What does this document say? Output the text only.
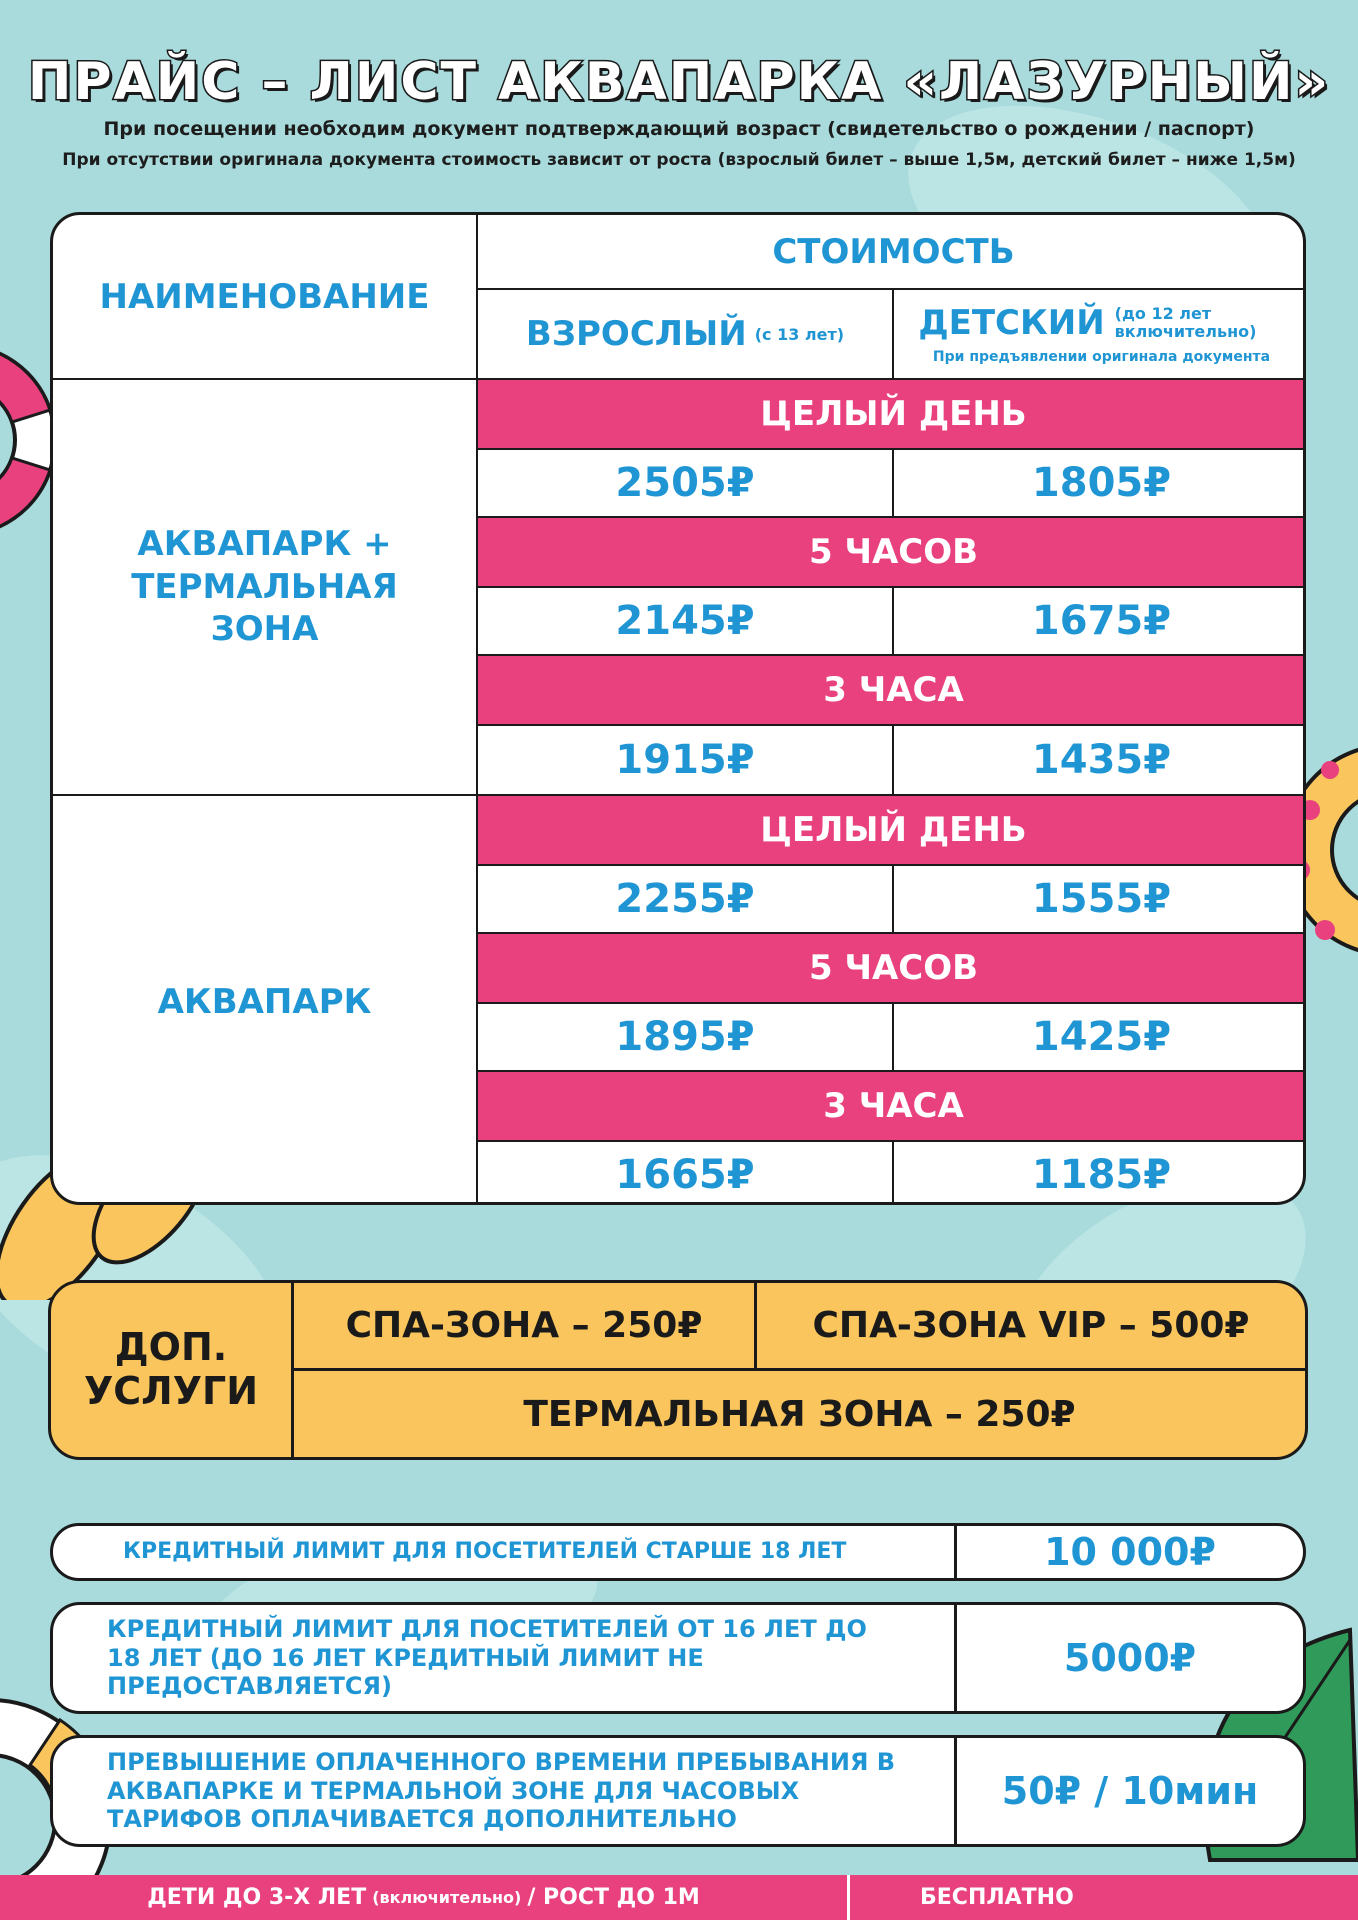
ПРАЙС – ЛИСТ АКВАПАРКА «ЛАЗУРНЫЙ»
При посещении необходим документ подтверждающий возраст (свидетельство о рождении / паспорт)
При отсутствии оригинала документа стоимость зависит от роста (взрослый билет – выше 1,5м, детский билет – ниже 1,5м)
НАИМЕНОВАНИЕ
СТОИМОСТЬ
ВЗРОСЛЫЙ (с 13 лет) ДЕТСКИЙ (до 12 лет включительно)
При предъявлении оригинала документа
АКВАПАРК + ТЕРМАЛЬНАЯ ЗОНА
ЦЕЛЫЙ ДЕНЬ
2505₽	1805₽
5 ЧАСОВ
2145₽	1675₽
3 ЧАСА
1915₽	1435₽
АКВАПАРК
ЦЕЛЫЙ ДЕНЬ
2255₽	1555₽
5 ЧАСОВ
1895₽	1425₽
3 ЧАСА
1665₽	1185₽
ДОП. УСЛУГИ
СПА-ЗОНА – 250₽	СПА-ЗОНА VIP – 500₽
ТЕРМАЛЬНАЯ ЗОНА – 250₽
КРЕДИТНЫЙ ЛИМИТ ДЛЯ ПОСЕТИТЕЛЕЙ СТАРШЕ 18 ЛЕТ	10 000₽
КРЕДИТНЫЙ ЛИМИТ ДЛЯ ПОСЕТИТЕЛЕЙ ОТ 16 ЛЕТ ДО 18 ЛЕТ (ДО 16 ЛЕТ КРЕДИТНЫЙ ЛИМИТ НЕ ПРЕДОСТАВЛЯЕТСЯ)
5000₽
ПРЕВЫШЕНИЕ ОПЛАЧЕННОГО ВРЕМЕНИ ПРЕБЫВАНИЯ В АКВАПАРКЕ И ТЕРМАЛЬНОЙ ЗОНЕ ДЛЯ ЧАСОВЫХ ТАРИФОВ ОПЛАЧИВАЕТСЯ ДОПОЛНИТЕЛЬНО
50₽ / 10мин
ДЕТИ ДО 3-Х ЛЕТ (включительно) / РОСТ ДО 1М	БЕСПЛАТНО
